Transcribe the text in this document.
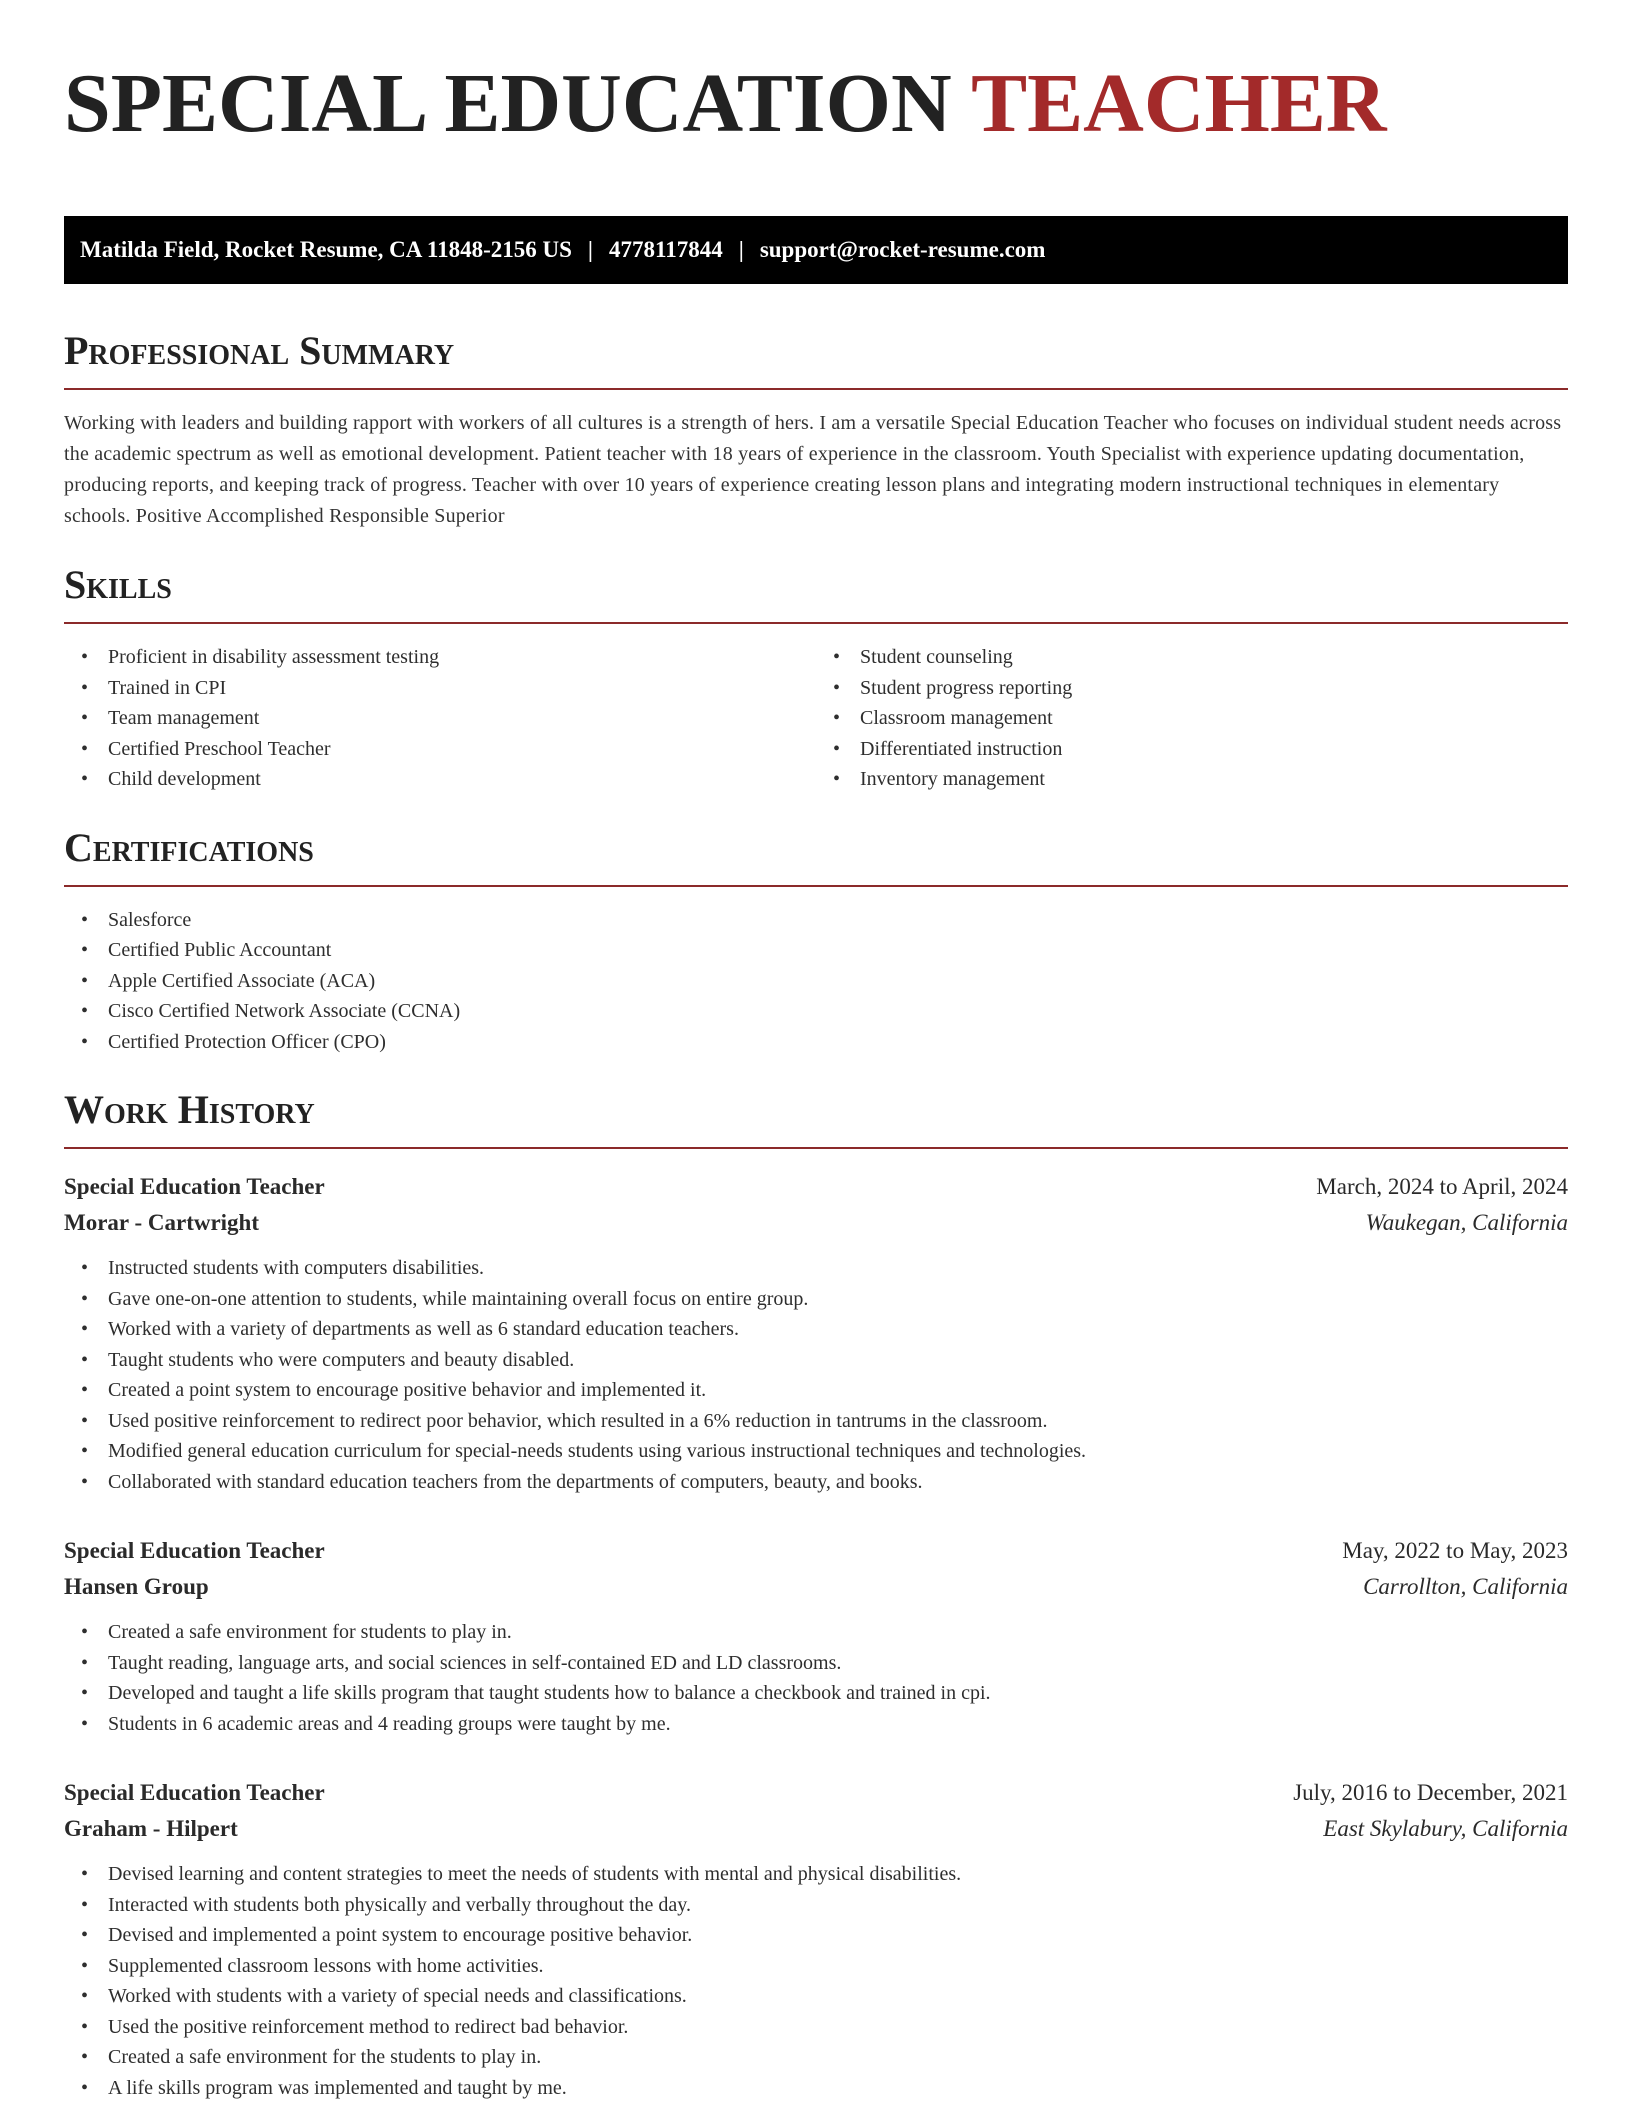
SPECIAL EDUCATION TEACHER
Matilda Field, Rocket Resume, CA 11848-2156 US | 4778117844 | support@rocket-resume.com
Professional Summary

Working with leaders and building rapport with workers of all cultures is a strength of hers. I am a versatile Special Education Teacher who focuses on individual student needs across the academic spectrum as well as emotional development. Patient teacher with 18 years of experience in the classroom. Youth Specialist with experience updating documentation, producing reports, and keeping track of progress. Teacher with over 10 years of experience creating lesson plans and integrating modern instructional techniques in elementary schools. Positive Accomplished Responsible Superior

Skills
• Proficient in disability assessment testing
• Trained in CPI
• Team management
• Certified Preschool Teacher
• Child development
• Student counseling
• Student progress reporting
• Classroom management
• Differentiated instruction
• Inventory management
Certifications
• Salesforce
• Certified Public Accountant
• Apple Certified Associate (ACA)
• Cisco Certified Network Associate (CCNA)
• Certified Protection Officer (CPO)
Work History
Special Education Teacher	March, 2024 to April, 2024
Morar - Cartwright	Waukegan, California
• Instructed students with computers disabilities.
• Gave one-on-one attention to students, while maintaining overall focus on entire group.
• Worked with a variety of departments as well as 6 standard education teachers.
• Taught students who were computers and beauty disabled.
• Created a point system to encourage positive behavior and implemented it.
• Used positive reinforcement to redirect poor behavior, which resulted in a 6% reduction in tantrums in the classroom.
• Modified general education curriculum for special-needs students using various instructional techniques and technologies.
• Collaborated with standard education teachers from the departments of computers, beauty, and books.
Special Education Teacher	May, 2022 to May, 2023
Hansen Group	Carrollton, California
• Created a safe environment for students to play in.
• Taught reading, language arts, and social sciences in self-contained ED and LD classrooms.
• Developed and taught a life skills program that taught students how to balance a checkbook and trained in cpi.
• Students in 6 academic areas and 4 reading groups were taught by me.
Special Education Teacher	July, 2016 to December, 2021
Graham - Hilpert	East Skylabury, California
• Devised learning and content strategies to meet the needs of students with mental and physical disabilities.
• Interacted with students both physically and verbally throughout the day.
• Devised and implemented a point system to encourage positive behavior.
• Supplemented classroom lessons with home activities.
• Worked with students with a variety of special needs and classifications.
• Used the positive reinforcement method to redirect bad behavior.
• Created a safe environment for the students to play in.
• A life skills program was implemented and taught by me.
